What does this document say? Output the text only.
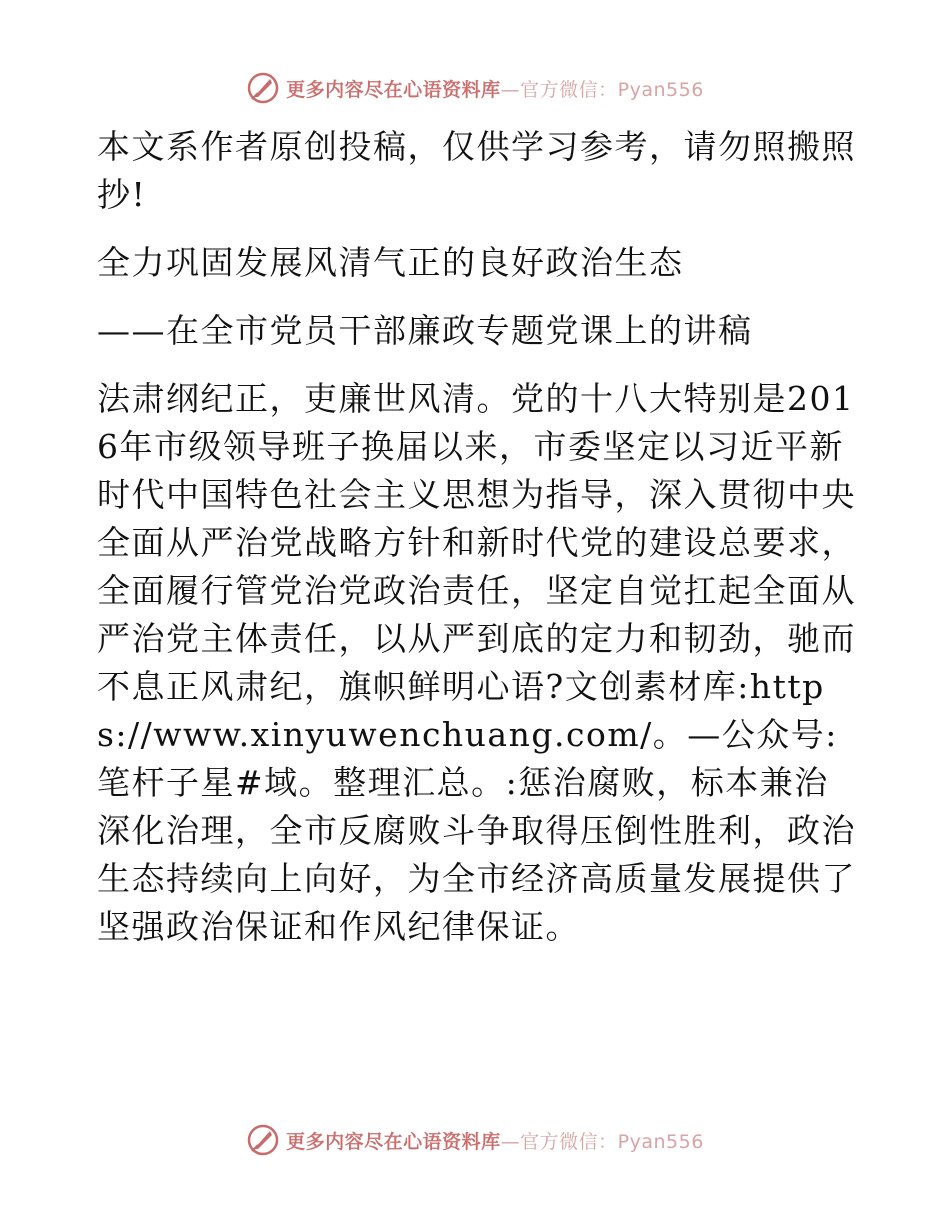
更多内容尽在心语资料库—官方微信：Pyan556

本文系作者原创投稿，仅供学习参考，请勿照搬照抄!

全力巩固发展风清气正的良好政治生态

——在全市党员干部廉政专题党课上的讲稿

法肃纲纪正，吏廉世风清。党的十八大特别是2016年市级领导班子换届以来，市委坚定以习近平新时代中国特色社会主义思想为指导，深入贯彻中央全面从严治党战略方针和新时代党的建设总要求，全面履行管党治党政治责任，坚定自觉扛起全面从严治党主体责任，以从严到底的定力和韧劲，驰而不息正风肃纪，旗帜鲜明心语?文创素材库:https://www.xinyuwenchuang.com/。—公众号:笔杆子星#域。整理汇总。:惩治腐败，标本兼治深化治理，全市反腐败斗争取得压倒性胜利，政治生态持续向上向好，为全市经济高质量发展提供了坚强政治保证和作风纪律保证。

更多内容尽在心语资料库—官方微信：Pyan556
